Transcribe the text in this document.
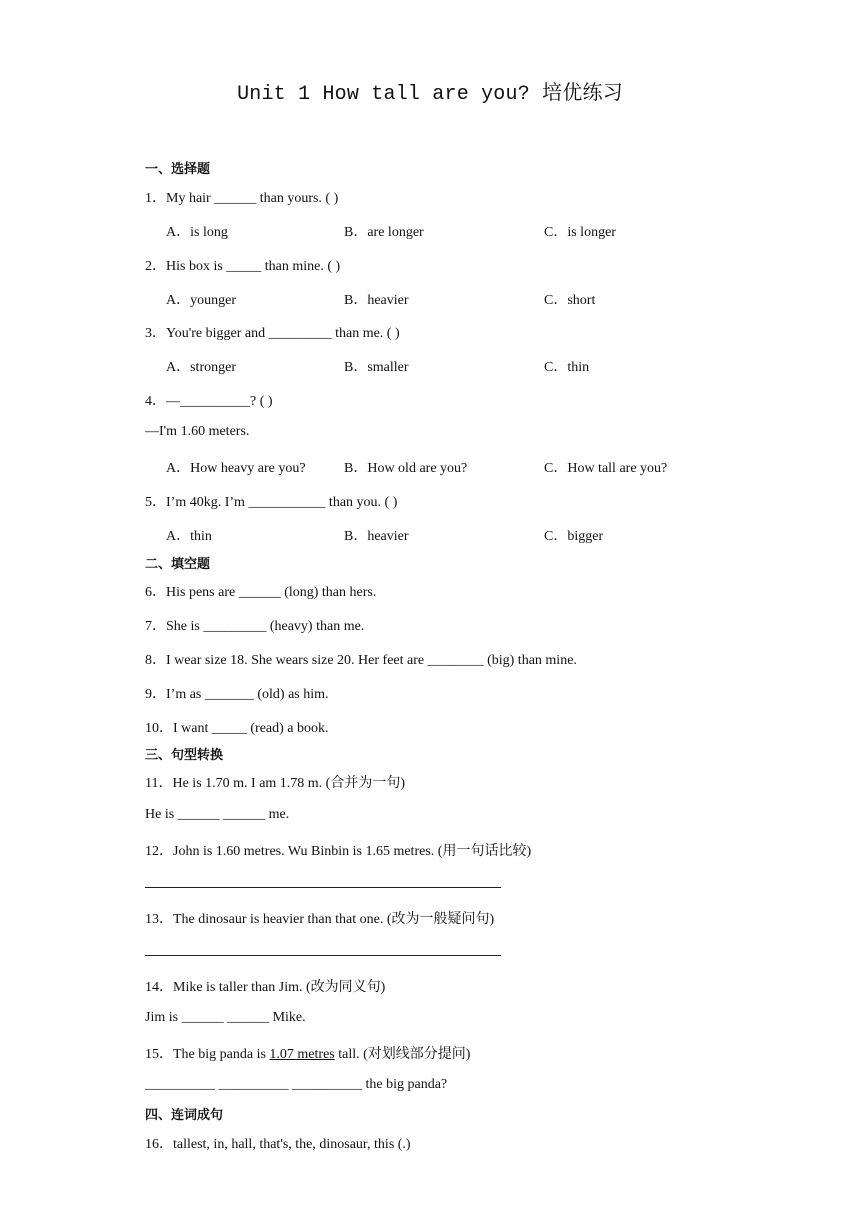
Unit 1 How tall are you? 培优练习
一、选择题
1．My hair ______ than yours. ( )
A．is long	B．are longer	C．is longer
2．His box is _____ than mine. ( )
A．younger	B．heavier	C．short
3．You're bigger and _________ than me. ( )
A．stronger	B．smaller	C．thin
4．—__________? ( )
—I'm 1.60 meters.
A．How heavy are you?	B．How old are you?	C．How tall are you?
5．I’m 40kg. I’m ___________ than you. ( )
A．thin	B．heavier	C．bigger
二、填空题
6．His pens are ______ (long) than hers.
7．She is _________ (heavy) than me.
8．I wear size 18. She wears size 20. Her feet are ________ (big) than mine.
9．I’m as _______ (old) as him.
10．I want _____ (read) a book.
三、句型转换
11．He is 1.70 m. I am 1.78 m. (合并为一句)
He is ______ ______ me.
12．John is 1.60 metres. Wu Binbin is 1.65 metres. (用一句话比较)
13．The dinosaur is heavier than that one. (改为一般疑问句)
14．Mike is taller than Jim. (改为同义句)
Jim is ______ ______ Mike.
15．The big panda is 1.07 metres tall. (对划线部分提问)
__________ __________ __________ the big panda?
四、连词成句
16．tallest, in, hall, that's, the, dinosaur, this (.)
